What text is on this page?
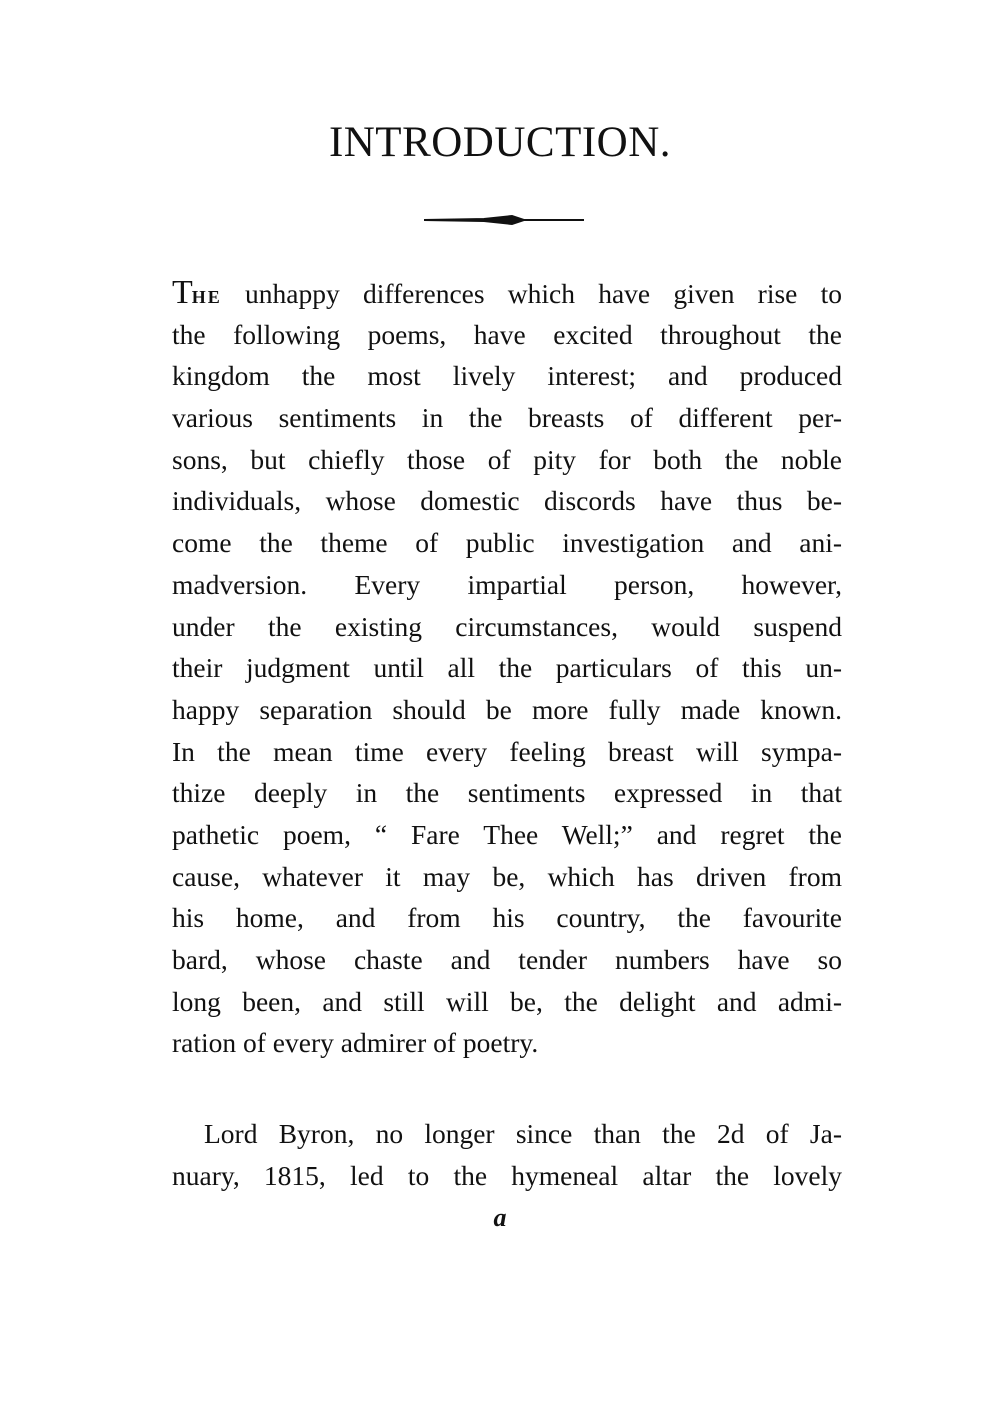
INTRODUCTION.
THE unhappy differences which have given rise to
the following poems, have excited throughout the
kingdom the most lively interest; and produced
various sentiments in the breasts of different per-
sons, but chiefly those of pity for both the noble
individuals, whose domestic discords have thus be-
come the theme of public investigation and ani-
madversion. Every impartial person, however,
under the existing circumstances, would suspend
their judgment until all the particulars of this un-
happy separation should be more fully made known.
In the mean time every feeling breast will sympa-
thize deeply in the sentiments expressed in that
pathetic poem, “ Fare Thee Well;” and regret the
cause, whatever it may be, which has driven from
his home, and from his country, the favourite
bard, whose chaste and tender numbers have so
long been, and still will be, the delight and admi-
ration of every admirer of poetry.
Lord Byron, no longer since than the 2d of Ja-
nuary, 1815, led to the hymeneal altar the lovely
a
